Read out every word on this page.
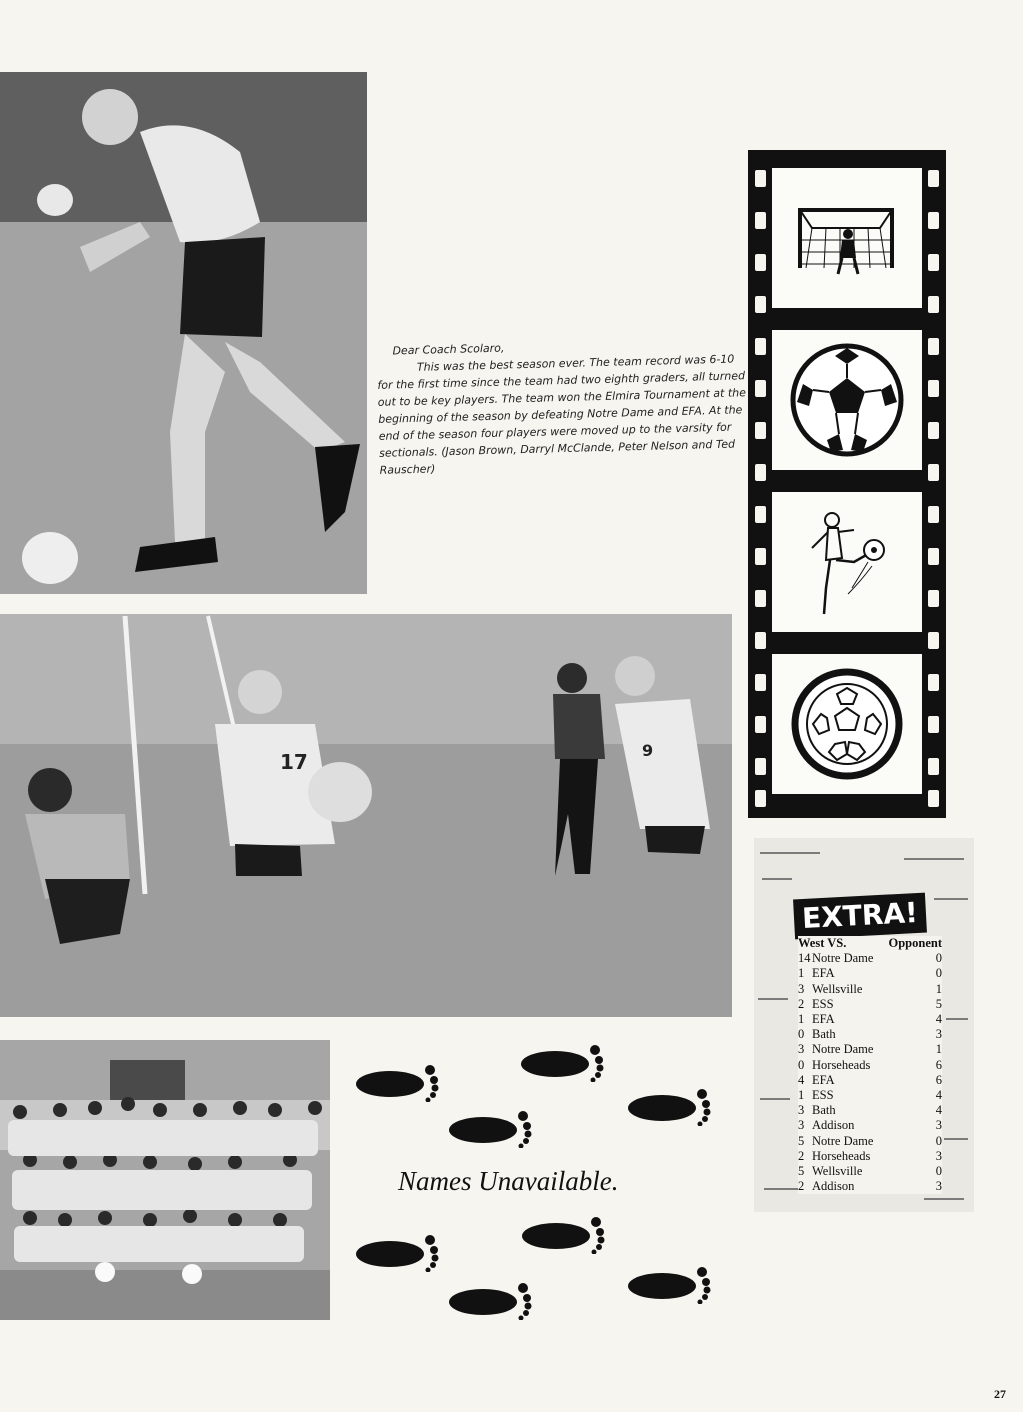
Dear Coach Scolaro,
This was the best season ever. The team record was 6-10 for the first time since the team had two eighth graders, all turned out to be key players. The team won the Elmira Tournament at the beginning of the season by defeating Notre Dame and EFA. At the end of the season four players were moved up to the varsity for sectionals. (Jason Brown, Darryl McClande, Peter Nelson and Ted Rauscher)
17	9
Names Unavailable.
EXTRA!
West VS.	Opponent
14 Notre Dame	0
1 EFA	0
3 Wellsville	1
2 ESS	5
1 EFA	4
0 Bath	3
3 Notre Dame	1
0 Horseheads	6
4 EFA	6
1 ESS	4
3 Bath	4
3 Addison	3
5 Notre Dame	0
2 Horseheads	3
5 Wellsville	0
2 Addison	3
27
